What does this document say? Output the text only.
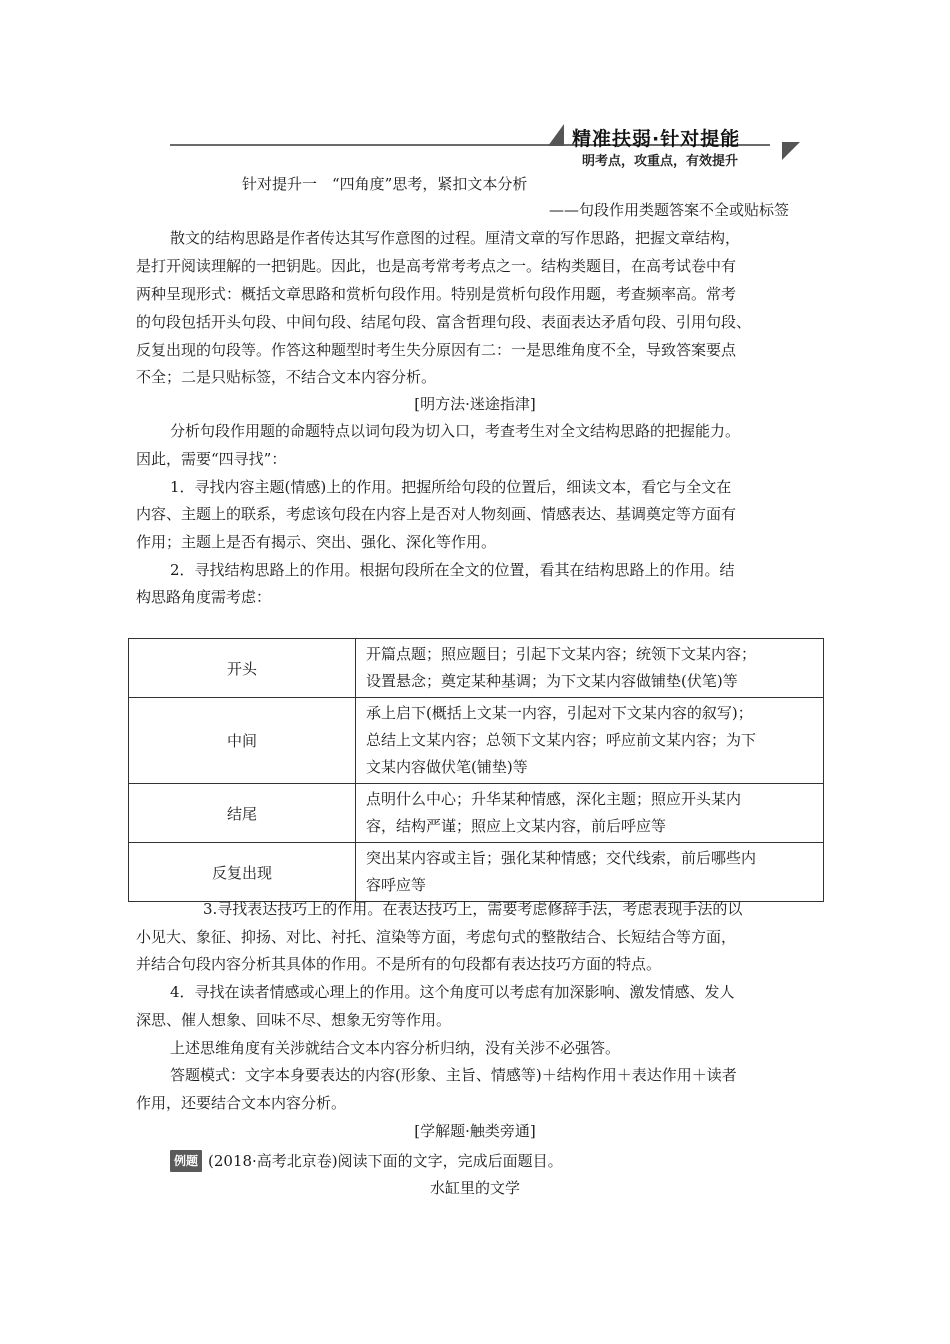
精准扶弱·针对提能
明考点，攻重点，有效提升
针对提升一　“四角度”思考，紧扣文本分析
——句段作用类题答案不全或贴标签
散文的结构思路是作者传达其写作意图的过程。厘清文章的写作思路，把握文章结构，
是打开阅读理解的一把钥匙。因此，也是高考常考考点之一。结构类题目，在高考试卷中有
两种呈现形式：概括文章思路和赏析句段作用。特别是赏析句段作用题，考查频率高。常考
的句段包括开头句段、中间句段、结尾句段、富含哲理句段、表面表达矛盾句段、引用句段、
反复出现的句段等。作答这种题型时考生失分原因有二：一是思维角度不全，导致答案要点
不全；二是只贴标签，不结合文本内容分析。
[明方法·迷途指津]
分析句段作用题的命题特点以词句段为切入口，考查考生对全文结构思路的把握能力。
因此，需要“四寻找”：
1．寻找内容主题(情感)上的作用。把握所给句段的位置后，细读文本，看它与全文在
内容、主题上的联系，考虑该句段在内容上是否对人物刻画、情感表达、基调奠定等方面有
作用；主题上是否有揭示、突出、强化、深化等作用。
2．寻找结构思路上的作用。根据句段所在全文的位置，看其在结构思路上的作用。结
构思路角度需考虑：
开头	开篇点题；照应题目；引起下文某内容；统领下文某内容；
设置悬念；奠定某种基调；为下文某内容做铺垫(伏笔)等

中间	承上启下(概括上文某一内容，引起对下文某内容的叙写)；
总结上文某内容；总领下文某内容；呼应前文某内容；为下
文某内容做伏笔(铺垫)等

结尾	点明什么中心；升华某种情感，深化主题；照应开头某内
容，结构严谨；照应上文某内容，前后呼应等

反复出现	突出某内容或主旨；强化某种情感；交代线索，前后哪些内
容呼应等
3.寻找表达技巧上的作用。在表达技巧上，需要考虑修辞手法，考虑表现手法的以
小见大、象征、抑扬、对比、衬托、渲染等方面，考虑句式的整散结合、长短结合等方面，
并结合句段内容分析其具体的作用。不是所有的句段都有表达技巧方面的特点。
4．寻找在读者情感或心理上的作用。这个角度可以考虑有加深影响、激发情感、发人
深思、催人想象、回味不尽、想象无穷等作用。
上述思维角度有关涉就结合文本内容分析归纳，没有关涉不必强答。
答题模式：文字本身要表达的内容(形象、主旨、情感等)＋结构作用＋表达作用＋读者
作用，还要结合文本内容分析。
[学解题·触类旁通]
例题 (2018·高考北京卷)阅读下面的文字，完成后面题目。
水缸里的文学
